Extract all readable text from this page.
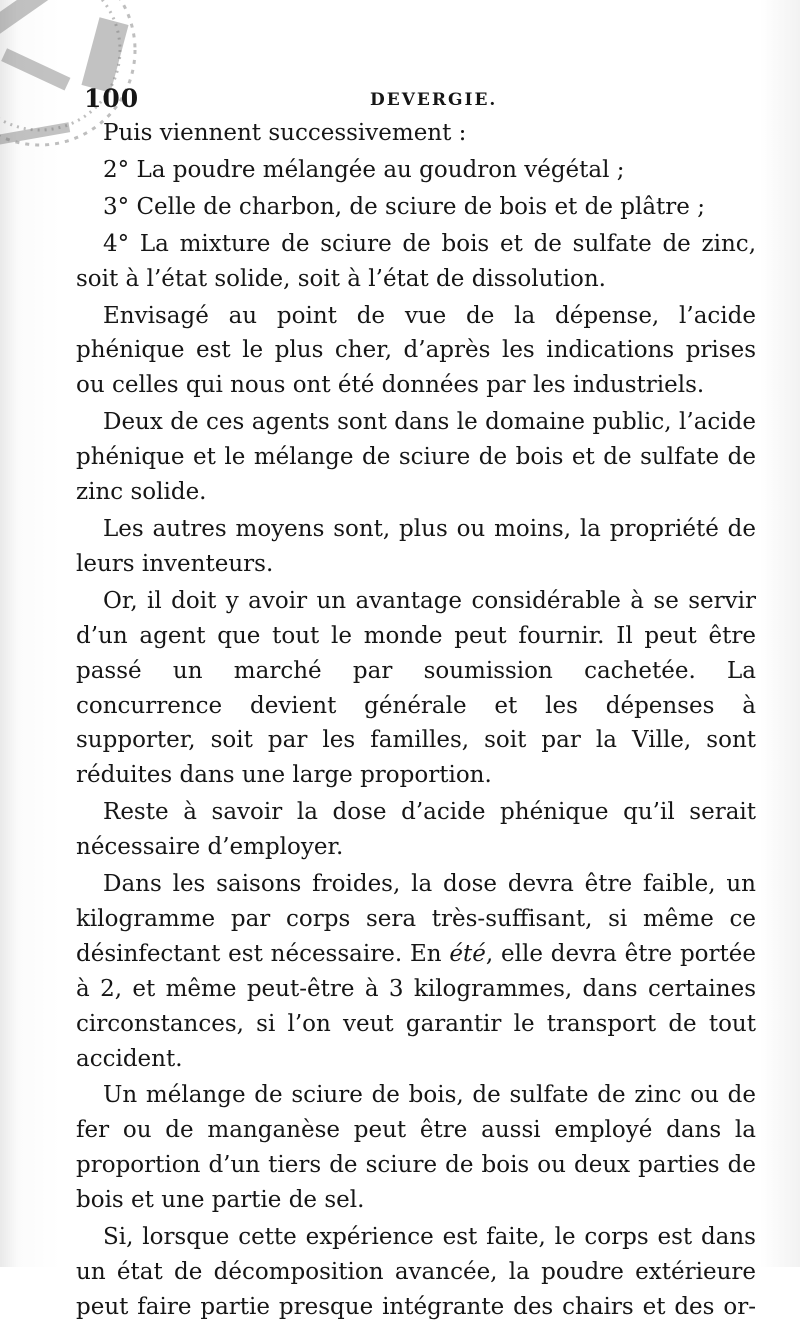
100	DEVERGIE.

Puis viennent successivement :

2° La poudre mélangée au goudron végétal ;

3° Celle de charbon, de sciure de bois et de plâtre ;

4° La mixture de sciure de bois et de sulfate de zinc, soit à l’état solide, soit à l’état de dissolution.

Envisagé au point de vue de la dépense, l’acide phénique est le plus cher, d’après les indications prises ou celles qui nous ont été données par les industriels.

Deux de ces agents sont dans le domaine public, l’acide phénique et le mélange de sciure de bois et de sulfate de zinc solide.

Les autres moyens sont, plus ou moins, la propriété de leurs inventeurs.

Or, il doit y avoir un avantage considérable à se servir d’un agent que tout le monde peut fournir. Il peut être passé un marché par soumission cachetée. La concurrence devient générale et les dépenses à supporter, soit par les familles, soit par la Ville, sont réduites dans une large proportion.

Reste à savoir la dose d’acide phénique qu’il serait nécessaire d’employer.

Dans les saisons froides, la dose devra être faible, un kilogramme par corps sera très-suffisant, si même ce désinfectant est nécessaire. En été, elle devra être portée à 2, et même peut-être à 3 kilogrammes, dans certaines circonstances, si l’on veut garantir le transport de tout accident.

Un mélange de sciure de bois, de sulfate de zinc ou de fer ou de manganèse peut être aussi employé dans la proportion d’un tiers de sciure de bois ou deux parties de bois et une partie de sel.

Si, lorsque cette expérience est faite, le corps est dans un état de décomposition avancée, la poudre extérieure peut faire partie presque intégrante des chairs et des or-
